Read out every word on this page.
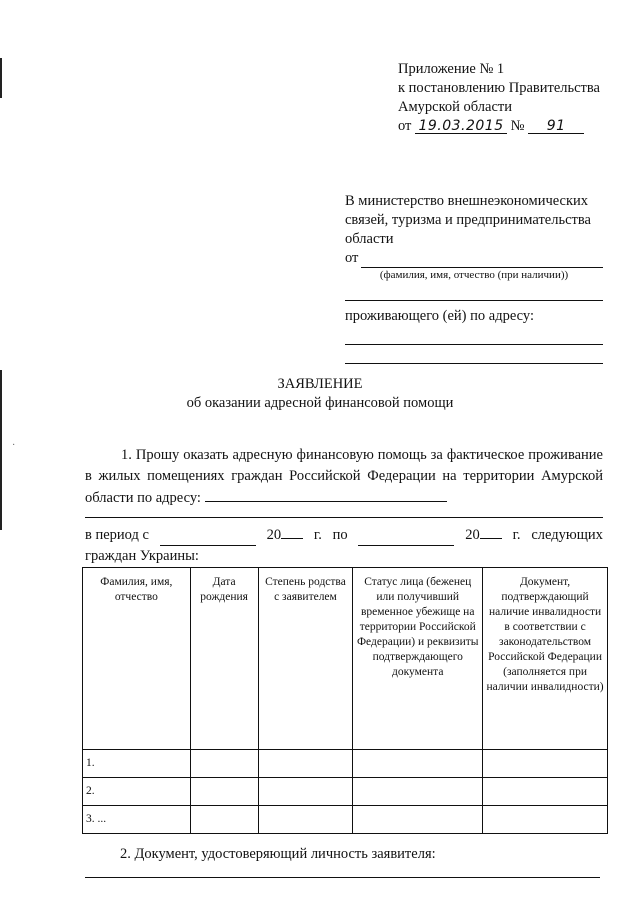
·
Приложение № 1
к постановлению Правительства
Амурской области
от 19.03.2015 № 91
В министерство внешнеэкономических
связей, туризма и предпринимательства
области
от
(фамилия, имя, отчество (при наличии))
проживающего (ей) по адресу:
ЗАЯВЛЕНИЕ
об оказании адресной финансовой помощи
1. Прошу оказать адресную финансовую помощь за фактическое проживание в жилых помещениях граждан Российской Федерации на территории Амурской области по адресу:
в период с	20	г. по	20	г. следующих
граждан Украины:
Фамилия, имя, отчество	Дата рождения	Степень родства с заявителем	Статус лица (беженец или получивший временное убежище на территории Российской Федерации) и реквизиты подтверждающего документа	Документ, подтверждающий наличие инвалидности в соответствии с законодательством Российской Федерации (заполняется при наличии инвалидности)
1.				
2.				
3. ...				
2. Документ, удостоверяющий личность заявителя:
